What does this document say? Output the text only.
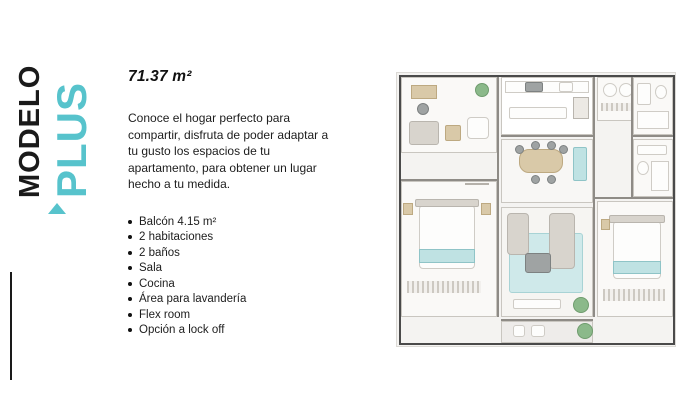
MODELO PLUS
71.37 m²

Conoce el hogar perfecto para compartir, disfruta de poder adaptar a tu gusto los espacios de tu apartamento, para obtener un lugar hecho a tu medida.

Balcón 4.15 m²
2 habitaciones
2 baños
Sala
Cocina
Área para lavandería
Flex room
Opción a lock off
